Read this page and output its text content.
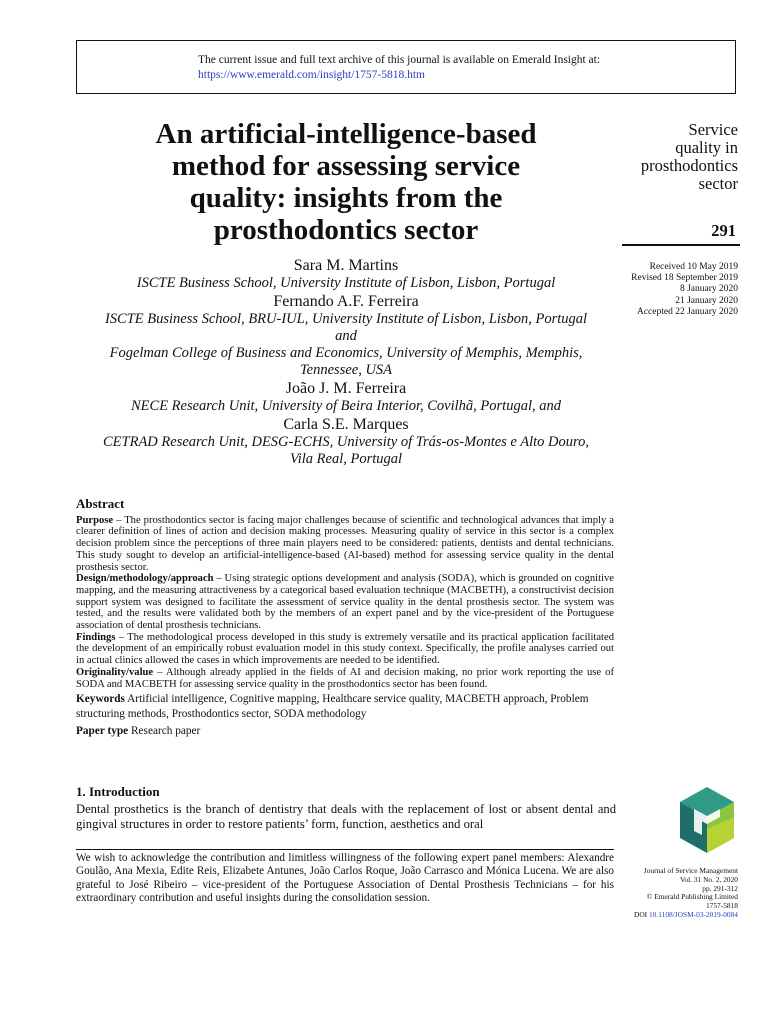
The current issue and full text archive of this journal is available on Emerald Insight at:
https://www.emerald.com/insight/1757-5818.htm
An artificial-intelligence-based
method for assessing service
quality: insights from the
prosthodontics sector
Service
quality in
prosthodontics
sector
291
Received 10 May 2019
Revised 18 September 2019
8 January 2020
21 January 2020
Accepted 22 January 2020
Sara M. Martins
ISCTE Business School, University Institute of Lisbon, Lisbon, Portugal
Fernando A.F. Ferreira
ISCTE Business School, BRU-IUL, University Institute of Lisbon, Lisbon, Portugal
and
Fogelman College of Business and Economics, University of Memphis, Memphis,
Tennessee, USA
João J. M. Ferreira
NECE Research Unit, University of Beira Interior, Covilhã, Portugal, and
Carla S.E. Marques
CETRAD Research Unit, DESG-ECHS, University of Trás-os-Montes e Alto Douro,
Vila Real, Portugal
Abstract

Purpose – The prosthodontics sector is facing major challenges because of scientific and technological advances that imply a clearer definition of lines of action and decision making processes. Measuring quality of service in this sector is a complex decision problem since the perceptions of three main players need to be considered: patients, dentists and dental technicians. This study sought to develop an artificial-intelligence-based (AI-based) method for assessing service quality in the dental prosthesis sector.

Design/methodology/approach – Using strategic options development and analysis (SODA), which is grounded on cognitive mapping, and the measuring attractiveness by a categorical based evaluation technique (MACBETH), a constructivist decision support system was designed to facilitate the assessment of service quality in the dental prosthesis sector. The system was tested, and the results were validated both by the members of an expert panel and by the vice-president of the Portuguese association of dental prosthesis technicians.

Findings – The methodological process developed in this study is extremely versatile and its practical application facilitated the development of an empirically robust evaluation model in this study context. Specifically, the profile analyses carried out in actual clinics allowed the cases in which improvements are needed to be identified.

Originality/value – Although already applied in the fields of AI and decision making, no prior work reporting the use of SODA and MACBETH for assessing service quality in the prosthodontics sector has been found.

Keywords Artificial intelligence, Cognitive mapping, Healthcare service quality, MACBETH approach, Problem structuring methods, Prosthodontics sector, SODA methodology
Paper type Research paper
1. Introduction
Dental prosthetics is the branch of dentistry that deals with the replacement of lost or absent dental and gingival structures in order to restore patients’ form, function, aesthetics and oral
We wish to acknowledge the contribution and limitless willingness of the following expert panel members: Alexandre Goulão, Ana Mexia, Edite Reis, Elizabete Antunes, João Carlos Roque, João Carrasco and Mónica Lucena. We are also grateful to José Ribeiro – vice-president of the Portuguese Association of Dental Prosthesis Technicians – for his extraordinary contribution and useful insights during the consolidation session.
Journal of Service Management
Vol. 31 No. 2, 2020
pp. 291-312
© Emerald Publishing Limited
1757-5818
DOI 10.1108/JOSM-03-2019-0084
